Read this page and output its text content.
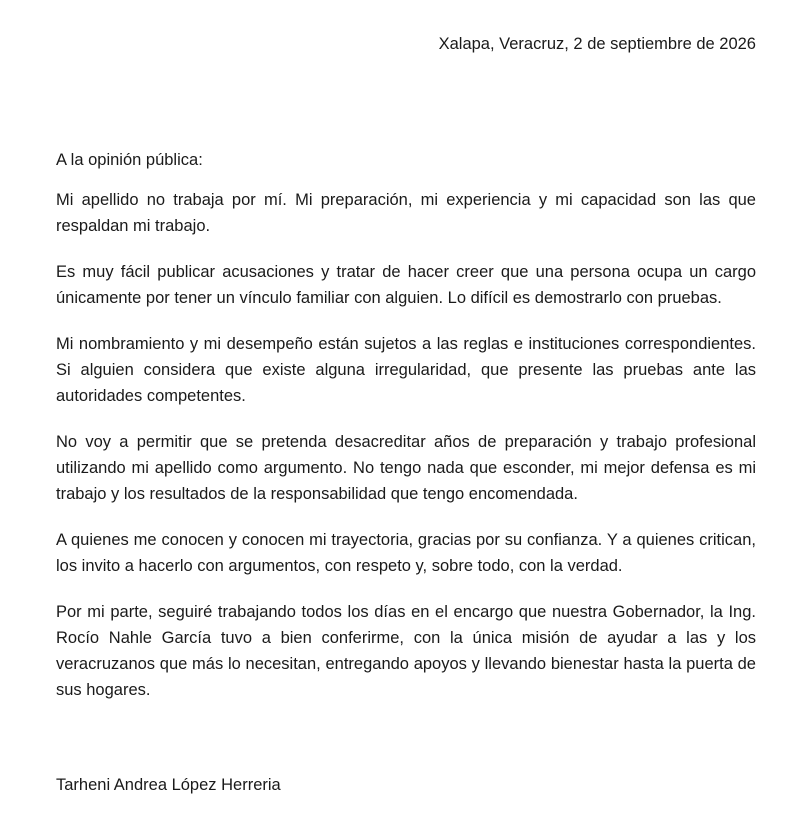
Xalapa, Veracruz, 2 de septiembre de 2026
A la opinión pública:

Mi apellido no trabaja por mí. Mi preparación, mi experiencia y mi capacidad son las que respaldan mi trabajo.

Es muy fácil publicar acusaciones y tratar de hacer creer que una persona ocupa un cargo únicamente por tener un vínculo familiar con alguien. Lo difícil es demostrarlo con pruebas.

Mi nombramiento y mi desempeño están sujetos a las reglas e instituciones correspondientes. Si alguien considera que existe alguna irregularidad, que presente las pruebas ante las autoridades competentes.

No voy a permitir que se pretenda desacreditar años de preparación y trabajo profesional utilizando mi apellido como argumento. No tengo nada que esconder, mi mejor defensa es mi trabajo y los resultados de la responsabilidad que tengo encomendada.

A quienes me conocen y conocen mi trayectoria, gracias por su confianza. Y a quienes critican, los invito a hacerlo con argumentos, con respeto y, sobre todo, con la verdad.

Por mi parte, seguiré trabajando todos los días en el encargo que nuestra Gobernador, la Ing. Rocío Nahle García tuvo a bien conferirme, con la única misión de ayudar a las y los veracruzanos que más lo necesitan, entregando apoyos y llevando bienestar hasta la puerta de sus hogares.

Tarheni Andrea López Herreria
